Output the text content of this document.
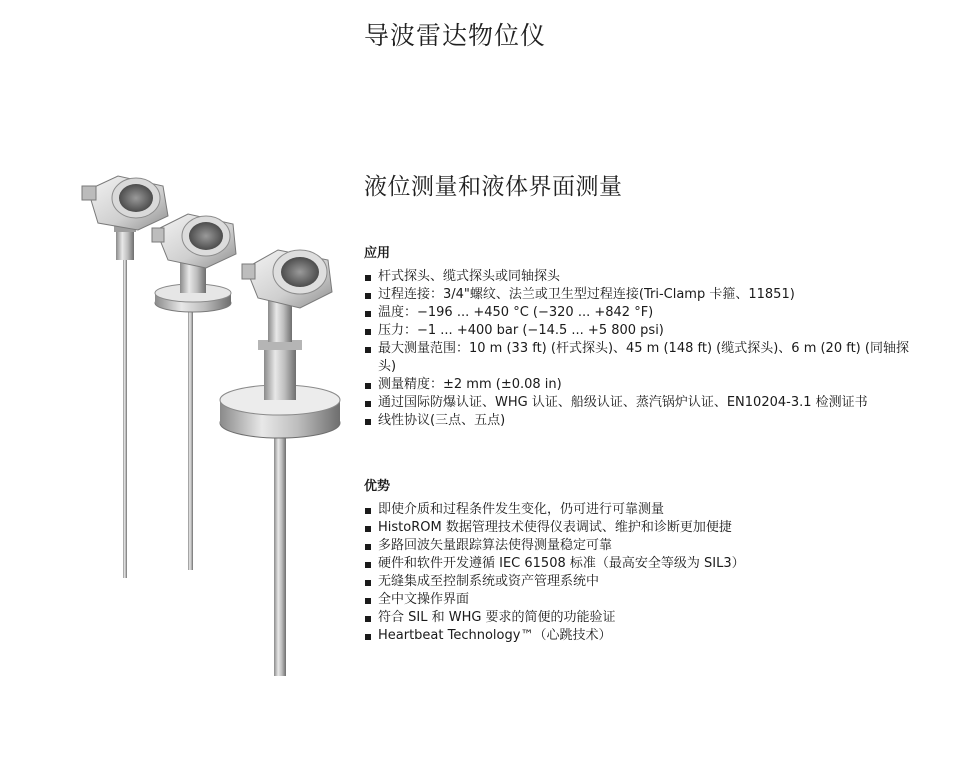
导波雷达物位仪
液位测量和液体界面测量
应用
杆式探头、缆式探头或同轴探头
过程连接：3/4"螺纹、法兰或卫生型过程连接(Tri-Clamp 卡箍、11851)
温度：−196 ... +450 °C (−320 ... +842 °F)
压力：−1 ... +400 bar (−14.5 ... +5 800 psi)
最大测量范围：10 m (33 ft) (杆式探头)、45 m (148 ft) (缆式探头)、6 m (20 ft) (同轴探头)
测量精度：±2 mm (±0.08 in)
通过国际防爆认证、WHG 认证、船级认证、蒸汽锅炉认证、EN10204-3.1 检测证书
线性协议(三点、五点)
优势
即使介质和过程条件发生变化，仍可进行可靠测量
HistoROM 数据管理技术使得仪表调试、维护和诊断更加便捷
多路回波矢量跟踪算法使得测量稳定可靠
硬件和软件开发遵循 IEC 61508 标准（最高安全等级为 SIL3）
无缝集成至控制系统或资产管理系统中
全中文操作界面
符合 SIL 和 WHG 要求的简便的功能验证
Heartbeat Technology™（心跳技术）
